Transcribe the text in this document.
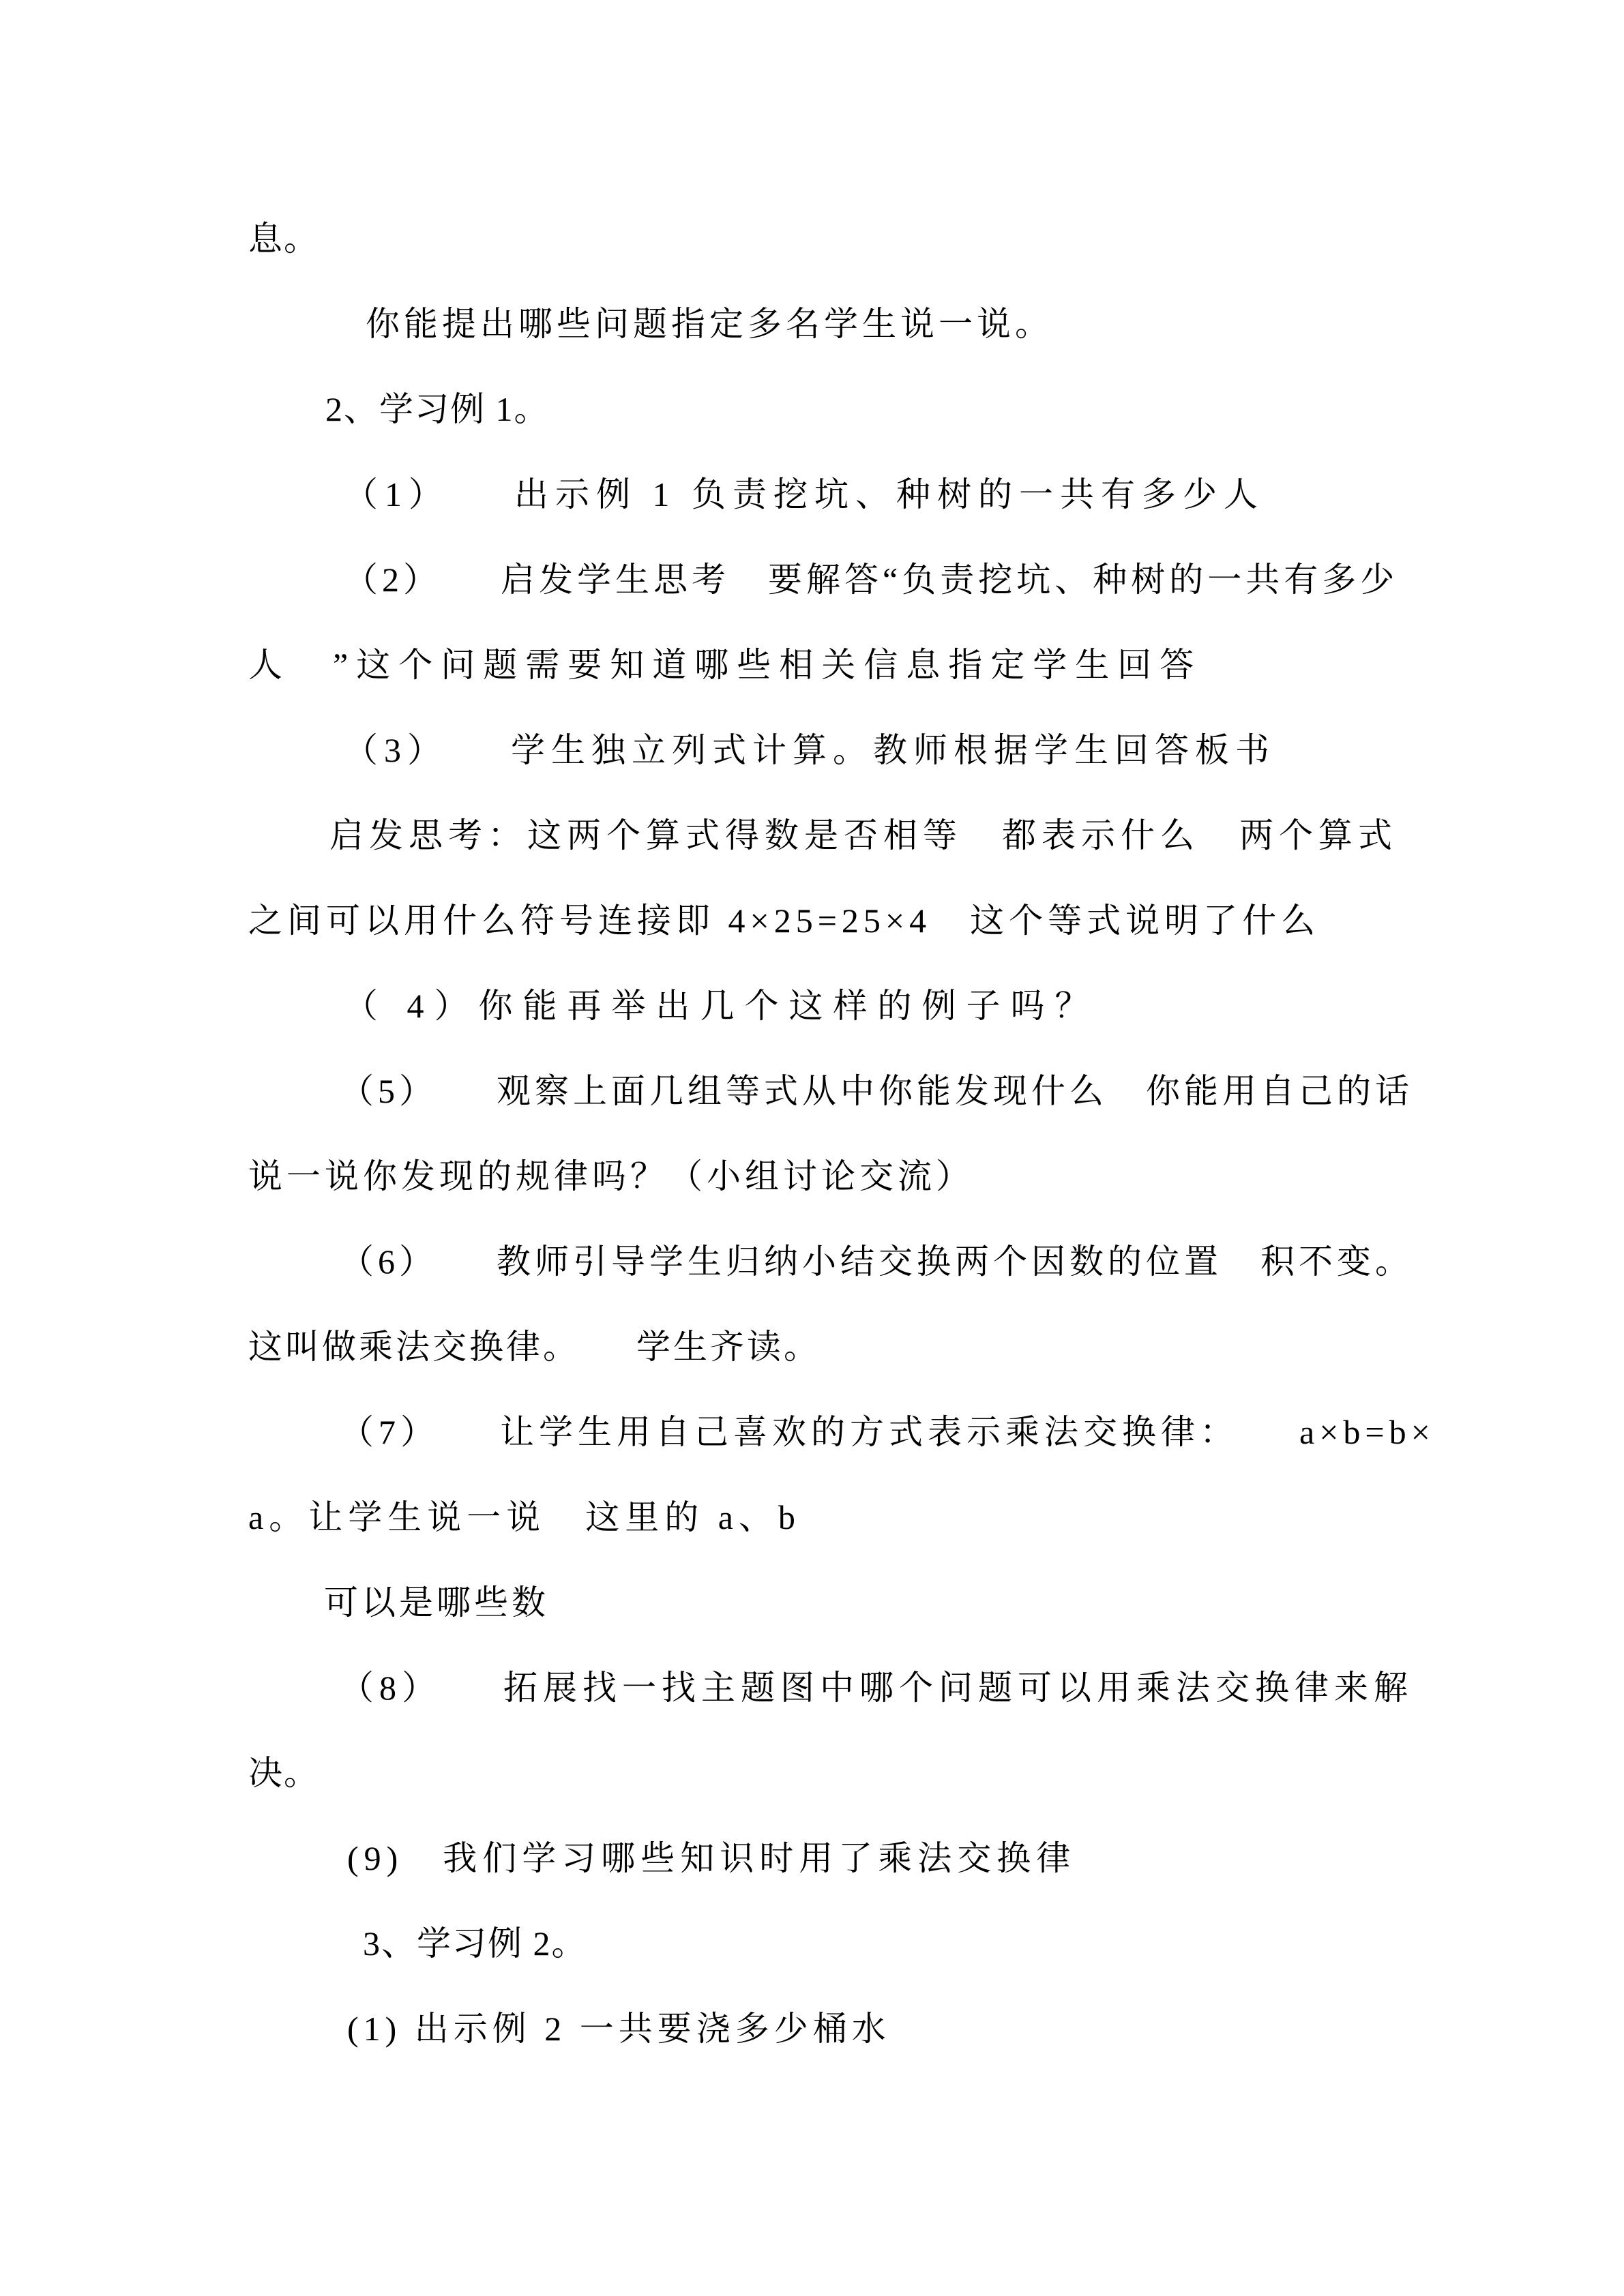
息。
你能提出哪些问题指定多名学生说一说。
2、学习例 1。
（1）　　出示例 1 负责挖坑、种树的一共有多少人
（2）　　启发学生思考　要解答“负责挖坑、种树的一共有多少
人　”这个问题需要知道哪些相关信息指定学生回答
（3）　　学生独立列式计算。教师根据学生回答板书
启发思考：这两个算式得数是否相等　都表示什么　两个算式
之间可以用什么符号连接即 4×25=25×4　这个等式说明了什么
（ 4）你能再举出几个这样的例子吗？
（5）　　观察上面几组等式从中你能发现什么　你能用自己的话
说一说你发现的规律吗？（小组讨论交流）
（6）　　教师引导学生归纳小结交换两个因数的位置　积不变。
这叫做乘法交换律。　　学生齐读。
（7）　　让学生用自己喜欢的方式表示乘法交换律：　　a×b=b×
a。让学生说一说　这里的 a、b
可以是哪些数
（8）　　拓展找一找主题图中哪个问题可以用乘法交换律来解
决。
(9)　我们学习哪些知识时用了乘法交换律
3、学习例 2。
(1) 出示例 2 一共要浇多少桶水
